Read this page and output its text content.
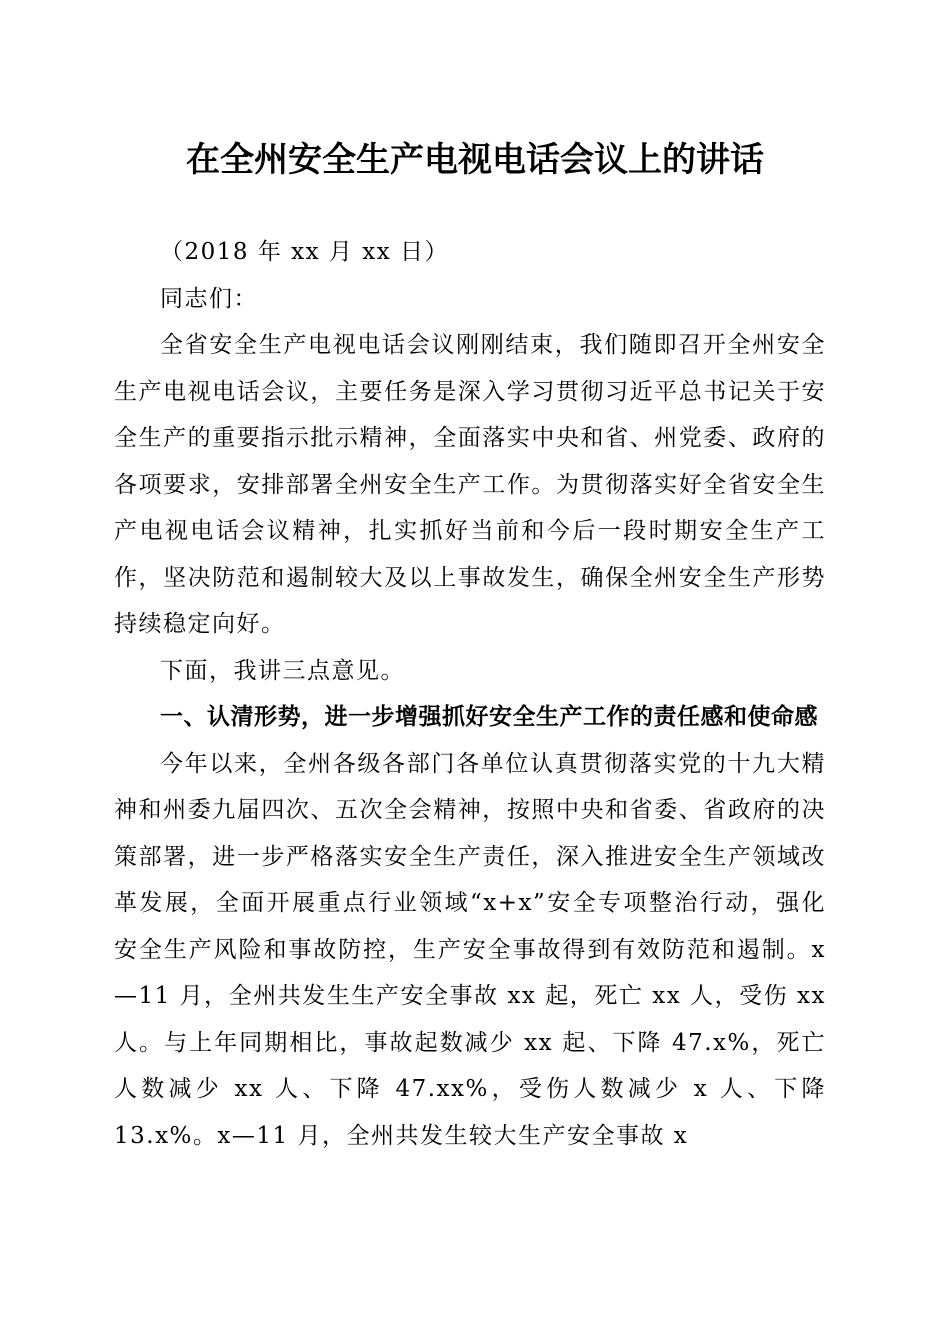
在全州安全生产电视电话会议上的讲话

（2018 年 xx 月 xx 日）

同志们：

全省安全生产电视电话会议刚刚结束，我们随即召开全州安全生产电视电话会议，主要任务是深入学习贯彻习近平总书记关于安全生产的重要指示批示精神，全面落实中央和省、州党委、政府的各项要求，安排部署全州安全生产工作。为贯彻落实好全省安全生产电视电话会议精神，扎实抓好当前和今后一段时期安全生产工作，坚决防范和遏制较大及以上事故发生，确保全州安全生产形势持续稳定向好。

下面，我讲三点意见。

一、认清形势，进一步增强抓好安全生产工作的责任感和使命感

今年以来，全州各级各部门各单位认真贯彻落实党的十九大精神和州委九届四次、五次全会精神，按照中央和省委、省政府的决策部署，进一步严格落实安全生产责任，深入推进安全生产领域改革发展，全面开展重点行业领域“x+x”安全专项整治行动，强化安全生产风险和事故防控，生产安全事故得到有效防范和遏制。x—11 月，全州共发生生产安全事故 xx 起，死亡 xx 人，受伤 xx 人。与上年同期相比，事故起数减少 xx 起、下降 47.x%，死亡人数减少 xx 人、下降 47.xx%，受伤人数减少 x 人、下降 13.x%。x—11 月，全州共发生较大生产安全事故 x
